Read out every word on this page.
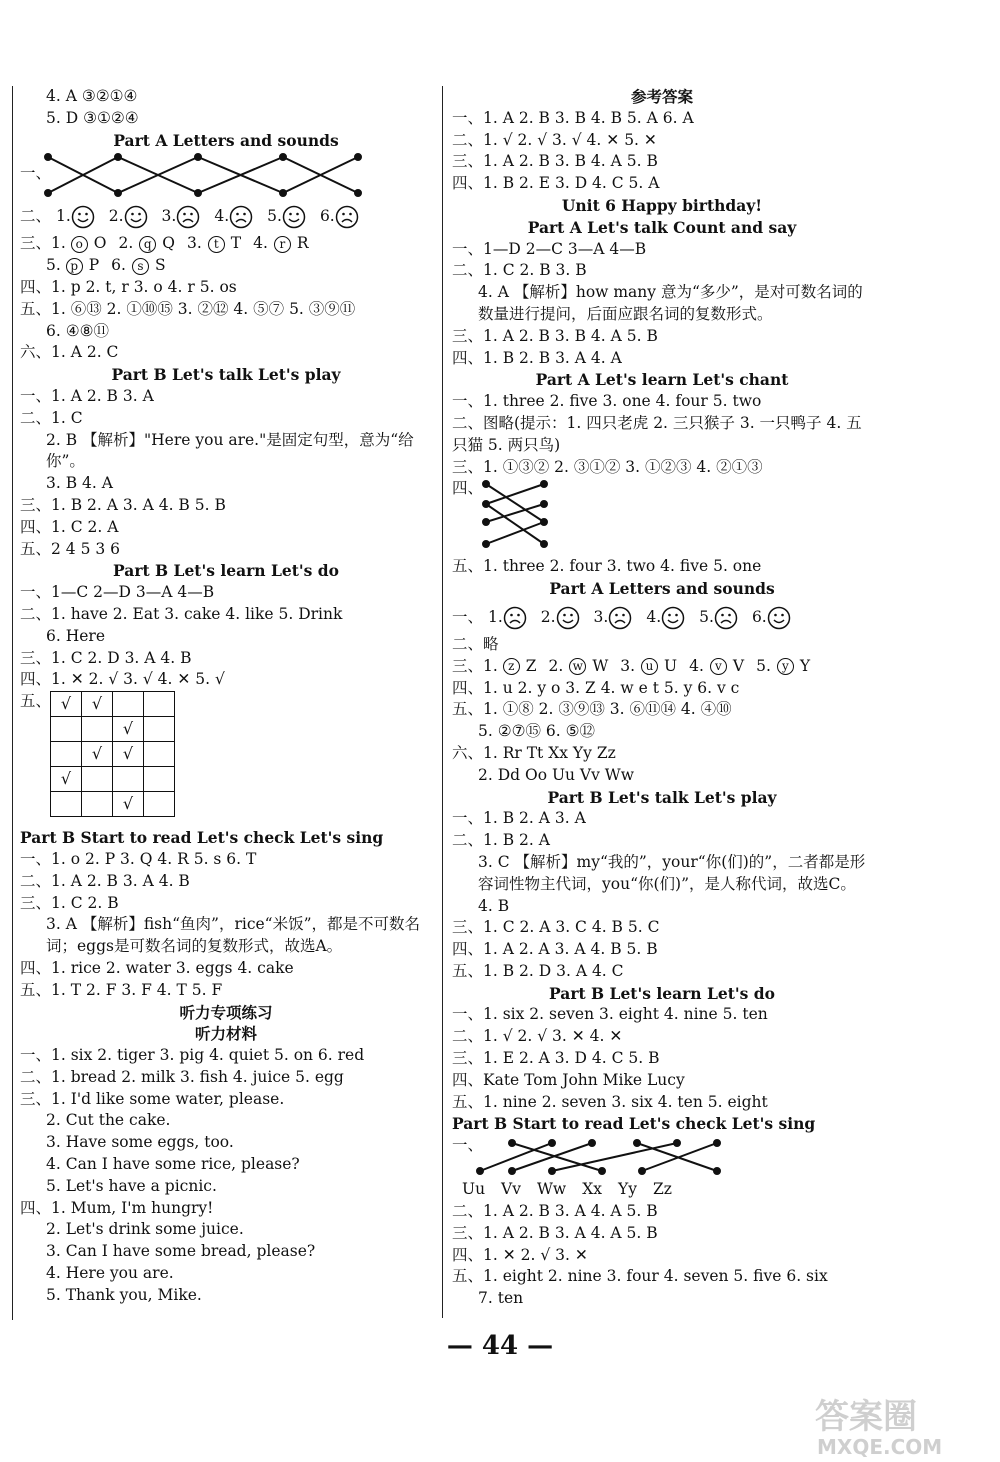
4. A ③②①④
5. D ③①②④
Part A Letters and sounds
一、
二、 1. 2. 3. 4. 5. 6.
三、1. o O 2. q Q 3. t T 4. r R
5. p P 6. s S
四、1. p 2. t, r 3. o 4. r 5. os
五、1. ⑥⑬ 2. ①⑩⑮ 3. ②⑫ 4. ⑤⑦ 5. ③⑨⑪
6. ④⑧⑪
六、1. A 2. C
Part B Let's talk Let's play
一、1. A 2. B 3. A
二、1. C
2. B 【解析】"Here you are."是固定句型，意为“给你”。
3. B 4. A
三、1. B 2. A 3. A 4. B 5. B
四、1. C 2. A
五、2 4 5 3 6
Part B Let's learn Let's do
一、1—C 2—D 3—A 4—B
二、1. have 2. Eat 3. cake 4. like 5. Drink
6. Here
三、1. C 2. D 3. A 4. B
四、1. ✕ 2. √ 3. √ 4. ✕ 5. √
五、 √	√		
		√	
	√	√	
√			
		√	
Part B Start to read Let's check Let's sing
一、1. o 2. P 3. Q 4. R 5. s 6. T
二、1. A 2. B 3. A 4. B
三、1. C 2. B
3. A 【解析】fish“鱼肉”，rice“米饭”，都是不可数名词；eggs是可数名词的复数形式，故选A。
四、1. rice 2. water 3. eggs 4. cake
五、1. T 2. F 3. F 4. T 5. F
听力专项练习
听力材料
一、1. six 2. tiger 3. pig 4. quiet 5. on 6. red
二、1. bread 2. milk 3. fish 4. juice 5. egg
三、1. I'd like some water, please.
2. Cut the cake.
3. Have some eggs, too.
4. Can I have some rice, please?
5. Let's have a picnic.
四、1. Mum, I'm hungry!
2. Let's drink some juice.
3. Can I have some bread, please?
4. Here you are.
5. Thank you, Mike.
参考答案
一、1. A 2. B 3. B 4. B 5. A 6. A
二、1. √ 2. √ 3. √ 4. ✕ 5. ✕
三、1. A 2. B 3. B 4. A 5. B
四、1. B 2. E 3. D 4. C 5. A
Unit 6 Happy birthday!
Part A Let's talk Count and say
一、1—D 2—C 3—A 4—B
二、1. C 2. B 3. B
4. A 【解析】how many 意为“多少”，是对可数名词的数量进行提问，后面应跟名词的复数形式。
三、1. A 2. B 3. B 4. A 5. B
四、1. B 2. B 3. A 4. A
Part A Let's learn Let's chant
一、1. three 2. five 3. one 4. four 5. two
二、图略(提示：1. 四只老虎 2. 三只猴子 3. 一只鸭子 4. 五只猫 5. 两只鸟)
三、1. ①③② 2. ③①② 3. ①②③ 4. ②①③
四、
五、1. three 2. four 3. two 4. five 5. one
Part A Letters and sounds
一、 1. 2. 3. 4. 5. 6.
二、略
三、1. z Z 2. w W 3. u U 4. v V 5. y Y
四、1. u 2. y o 3. Z 4. w e t 5. y 6. v c
五、1. ①⑧ 2. ③⑨⑬ 3. ⑥⑪⑭ 4. ④⑩
5. ②⑦⑮ 6. ⑤⑫
六、1. Rr Tt Xx Yy Zz
2. Dd Oo Uu Vv Ww
Part B Let's talk Let's play
一、1. B 2. A 3. A
二、1. B 2. A
3. C 【解析】my“我的”，your“你(们)的”，二者都是形容词性物主代词，you“你(们)”，是人称代词，故选C。
4. B
三、1. C 2. A 3. C 4. B 5. C
四、1. A 2. A 3. A 4. B 5. B
五、1. B 2. D 3. A 4. C
Part B Let's learn Let's do
一、1. six 2. seven 3. eight 4. nine 5. ten
二、1. √ 2. √ 3. ✕ 4. ✕
三、1. E 2. A 3. D 4. C 5. B
四、Kate Tom John Mike Lucy
五、1. nine 2. seven 3. six 4. ten 5. eight
Part B Start to read Let's check Let's sing
一、
Uu Vv Ww Xx Yy Zz
二、1. A 2. B 3. A 4. A 5. B
三、1. A 2. B 3. A 4. A 5. B
四、1. ✕ 2. √ 3. ✕
五、1. eight 2. nine 3. four 4. seven 5. five 6. six
7. ten
— 44 —
答案圈
MXQE.COM
